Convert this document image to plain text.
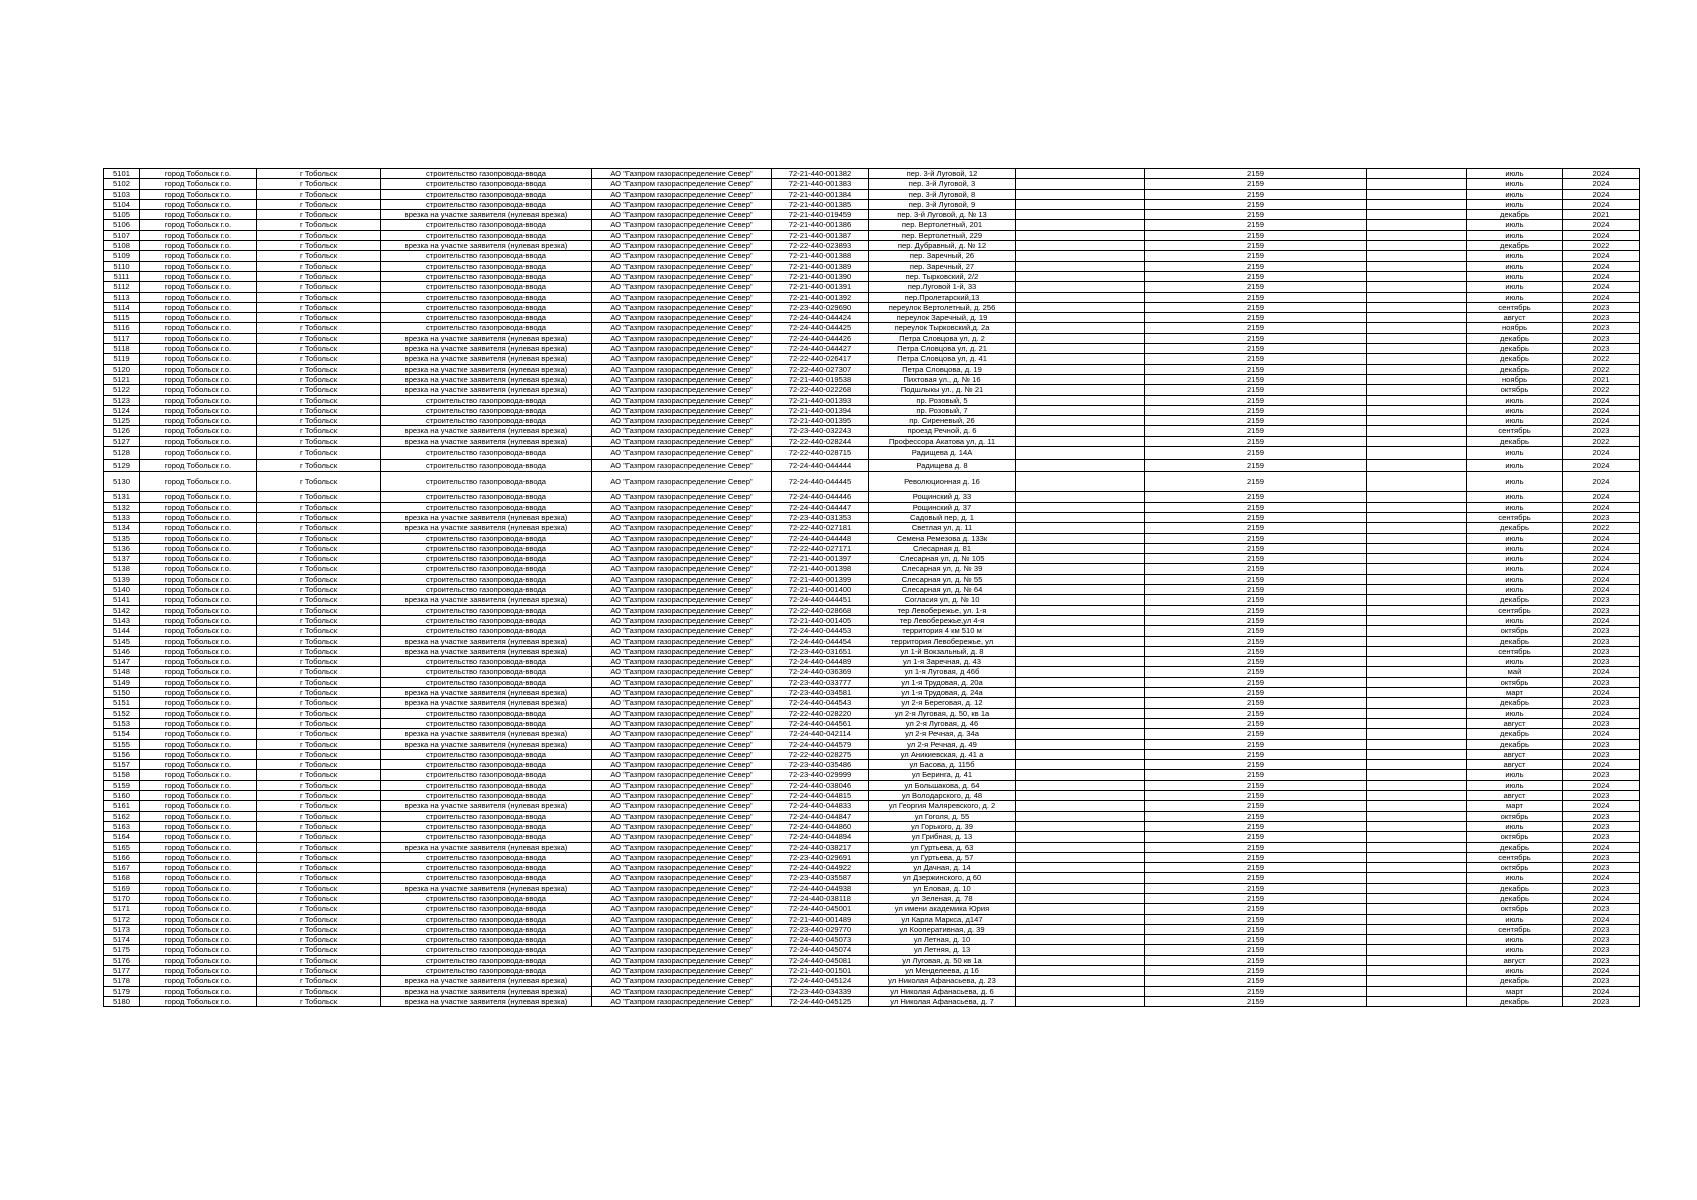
5101	город Тобольск г.о.	г Тобольск	строительство газопровода-ввода	АО "Газпром газораспределение Север"	72-21-440-001382	пер. 3-й Луговой, 12		2159		июль	2024
5102	город Тобольск г.о.	г Тобольск	строительство газопровода-ввода	АО "Газпром газораспределение Север"	72-21-440-001383	пер. 3-й Луговой, 3		2159		июль	2024
5103	город Тобольск г.о.	г Тобольск	строительство газопровода-ввода	АО "Газпром газораспределение Север"	72-21-440-001384	пер. 3-й Луговой, 8		2159		июль	2024
5104	город Тобольск г.о.	г Тобольск	строительство газопровода-ввода	АО "Газпром газораспределение Север"	72-21-440-001385	пер. 3-й Луговой, 9		2159		июль	2024
5105	город Тобольск г.о.	г Тобольск	врезка на участке заявителя (нулевая врезка)	АО "Газпром газораспределение Север"	72-21-440-019459	пер. 3-й Луговой, д. № 13		2159		декабрь	2021
5106	город Тобольск г.о.	г Тобольск	строительство газопровода-ввода	АО "Газпром газораспределение Север"	72-21-440-001386	пер. Вертолетный, 201		2159		июль	2024
5107	город Тобольск г.о.	г Тобольск	строительство газопровода-ввода	АО "Газпром газораспределение Север"	72-21-440-001387	пер. Вертолетный, 229		2159		июль	2024
5108	город Тобольск г.о.	г Тобольск	врезка на участке заявителя (нулевая врезка)	АО "Газпром газораспределение Север"	72-22-440-023893	пер. Дубравный, д. № 12		2159		декабрь	2022
5109	город Тобольск г.о.	г Тобольск	строительство газопровода-ввода	АО "Газпром газораспределение Север"	72-21-440-001388	пер. Заречный, 26		2159		июль	2024
5110	город Тобольск г.о.	г Тобольск	строительство газопровода-ввода	АО "Газпром газораспределение Север"	72-21-440-001389	пер. Заречный, 27		2159		июль	2024
5111	город Тобольск г.о.	г Тобольск	строительство газопровода-ввода	АО "Газпром газораспределение Север"	72-21-440-001390	пер. Тырковский, 2/2		2159		июль	2024
5112	город Тобольск г.о.	г Тобольск	строительство газопровода-ввода	АО "Газпром газораспределение Север"	72-21-440-001391	пер.Луговой 1-й, 33		2159		июль	2024
5113	город Тобольск г.о.	г Тобольск	строительство газопровода-ввода	АО "Газпром газораспределение Север"	72-21-440-001392	пер.Пролетарский,13		2159		июль	2024
5114	город Тобольск г.о.	г Тобольск	строительство газопровода-ввода	АО "Газпром газораспределение Север"	72-23-440-029690	переулок Вертолетный, д. 256		2159		сентябрь	2023
5115	город Тобольск г.о.	г Тобольск	строительство газопровода-ввода	АО "Газпром газораспределение Север"	72-24-440-044424	переулок Заречный, д. 19		2159		август	2023
5116	город Тобольск г.о.	г Тобольск	строительство газопровода-ввода	АО "Газпром газораспределение Север"	72-24-440-044425	переулок Тырковский,д. 2а		2159		ноябрь	2023
5117	город Тобольск г.о.	г Тобольск	врезка на участке заявителя (нулевая врезка)	АО "Газпром газораспределение Север"	72-24-440-044426	Петра Словцова ул, д. 2		2159		декабрь	2023
5118	город Тобольск г.о.	г Тобольск	врезка на участке заявителя (нулевая врезка)	АО "Газпром газораспределение Север"	72-24-440-044427	Петра Словцова ул, д. 21		2159		декабрь	2023
5119	город Тобольск г.о.	г Тобольск	врезка на участке заявителя (нулевая врезка)	АО "Газпром газораспределение Север"	72-22-440-026417	Петра Словцова ул, д. 41		2159		декабрь	2022
5120	город Тобольск г.о.	г Тобольск	врезка на участке заявителя (нулевая врезка)	АО "Газпром газораспределение Север"	72-22-440-027307	Петра Словцова, д. 19		2159		декабрь	2022
5121	город Тобольск г.о.	г Тобольск	врезка на участке заявителя (нулевая врезка)	АО "Газпром газораспределение Север"	72-21-440-019538	Пихтовая ул., д. № 16		2159		ноябрь	2021
5122	город Тобольск г.о.	г Тобольск	врезка на участке заявителя (нулевая врезка)	АО "Газпром газораспределение Север"	72-22-440-022268	Подшлыкы ул., д. № 21		2159		октябрь	2022
5123	город Тобольск г.о.	г Тобольск	строительство газопровода-ввода	АО "Газпром газораспределение Север"	72-21-440-001393	пр. Розовый, 5		2159		июль	2024
5124	город Тобольск г.о.	г Тобольск	строительство газопровода-ввода	АО "Газпром газораспределение Север"	72-21-440-001394	пр. Розовый, 7		2159		июль	2024
5125	город Тобольск г.о.	г Тобольск	строительство газопровода-ввода	АО "Газпром газораспределение Север"	72-21-440-001395	пр. Сиреневый, 26		2159		июль	2024
5126	город Тобольск г.о.	г Тобольск	врезка на участке заявителя (нулевая врезка)	АО "Газпром газораспределение Север"	72-23-440-032243	проезд Речной, д. 6		2159		сентябрь	2023
5127	город Тобольск г.о.	г Тобольск	врезка на участке заявителя (нулевая врезка)	АО "Газпром газораспределение Север"	72-22-440-028244	Профессора Акатова ул, д. 11		2159		декабрь	2022
5128	город Тобольск г.о.	г Тобольск	строительство газопровода-ввода	АО "Газпром газораспределение Север"	72-22-440-028715	Радищева д. 14А		2159		июль	2024
5129	город Тобольск г.о.	г Тобольск	строительство газопровода-ввода	АО "Газпром газораспределение Север"	72-24-440-044444	Радищева д. 8		2159		июль	2024
5130	город Тобольск г.о.	г Тобольск	строительство газопровода-ввода	АО "Газпром газораспределение Север"	72-24-440-044445	Революционная д. 16		2159		июль	2024
5131	город Тобольск г.о.	г Тобольск	строительство газопровода-ввода	АО "Газпром газораспределение Север"	72-24-440-044446	Рощинский д. 33		2159		июль	2024
5132	город Тобольск г.о.	г Тобольск	строительство газопровода-ввода	АО "Газпром газораспределение Север"	72-24-440-044447	Рощинский д. 37		2159		июль	2024
5133	город Тобольск г.о.	г Тобольск	врезка на участке заявителя (нулевая врезка)	АО "Газпром газораспределение Север"	72-23-440-031353	Садовый пер, д. 1		2159		сентябрь	2023
5134	город Тобольск г.о.	г Тобольск	врезка на участке заявителя (нулевая врезка)	АО "Газпром газораспределение Север"	72-22-440-027181	Светлая ул, д. 11		2159		декабрь	2022
5135	город Тобольск г.о.	г Тобольск	строительство газопровода-ввода	АО "Газпром газораспределение Север"	72-24-440-044448	Семена Ремезова д. 133к		2159		июль	2024
5136	город Тобольск г.о.	г Тобольск	строительство газопровода-ввода	АО "Газпром газораспределение Север"	72-22-440-027171	Слесарная д. 81		2159		июль	2024
5137	город Тобольск г.о.	г Тобольск	строительство газопровода-ввода	АО "Газпром газораспределение Север"	72-21-440-001397	Слесарная ул, д. № 105		2159		июль	2024
5138	город Тобольск г.о.	г Тобольск	строительство газопровода-ввода	АО "Газпром газораспределение Север"	72-21-440-001398	Слесарная ул, д. № 39		2159		июль	2024
5139	город Тобольск г.о.	г Тобольск	строительство газопровода-ввода	АО "Газпром газораспределение Север"	72-21-440-001399	Слесарная ул, д. № 55		2159		июль	2024
5140	город Тобольск г.о.	г Тобольск	строительство газопровода-ввода	АО "Газпром газораспределение Север"	72-21-440-001400	Слесарная ул, д. № 64		2159		июль	2024
5141	город Тобольск г.о.	г Тобольск	врезка на участке заявителя (нулевая врезка)	АО "Газпром газораспределение Север"	72-24-440-044451	Согласия ул, д. № 10		2159		декабрь	2023
5142	город Тобольск г.о.	г Тобольск	строительство газопровода-ввода	АО "Газпром газораспределение Север"	72-22-440-028668	тер Левобережье, ул. 1-я		2159		сентябрь	2023
5143	город Тобольск г.о.	г Тобольск	строительство газопровода-ввода	АО "Газпром газораспределение Север"	72-21-440-001405	тер Левобережье,ул 4-я		2159		июль	2024
5144	город Тобольск г.о.	г Тобольск	строительство газопровода-ввода	АО "Газпром газораспределение Север"	72-24-440-044453	территория 4 км 510 м		2159		октябрь	2023
5145	город Тобольск г.о.	г Тобольск	врезка на участке заявителя (нулевая врезка)	АО "Газпром газораспределение Север"	72-24-440-044454	территория Левобережье, ул		2159		декабрь	2023
5146	город Тобольск г.о.	г Тобольск	врезка на участке заявителя (нулевая врезка)	АО "Газпром газораспределение Север"	72-23-440-031651	ул 1-й Вокзальный, д. 8		2159		сентябрь	2023
5147	город Тобольск г.о.	г Тобольск	строительство газопровода-ввода	АО "Газпром газораспределение Север"	72-24-440-044489	ул 1-я Заречная, д. 43		2159		июль	2023
5148	город Тобольск г.о.	г Тобольск	строительство газопровода-ввода	АО "Газпром газораспределение Север"	72-24-440-036369	ул 1-я Луговая, д 46б		2159		май	2024
5149	город Тобольск г.о.	г Тобольск	строительство газопровода-ввода	АО "Газпром газораспределение Север"	72-23-440-033777	ул 1-я Трудовая, д. 20а		2159		октябрь	2023
5150	город Тобольск г.о.	г Тобольск	врезка на участке заявителя (нулевая врезка)	АО "Газпром газораспределение Север"	72-23-440-034581	ул 1-я Трудовая, д. 24а		2159		март	2024
5151	город Тобольск г.о.	г Тобольск	врезка на участке заявителя (нулевая врезка)	АО "Газпром газораспределение Север"	72-24-440-044543	ул 2-я Береговая, д. 12		2159		декабрь	2023
5152	город Тобольск г.о.	г Тобольск	строительство газопровода-ввода	АО "Газпром газораспределение Север"	72-22-440-028220	ул 2-я Луговая, д. 50, кв 1а		2159		июль	2024
5153	город Тобольск г.о.	г Тобольск	строительство газопровода-ввода	АО "Газпром газораспределение Север"	72-24-440-044561	ул 2-я Луговая, д. 46		2159		август	2023
5154	город Тобольск г.о.	г Тобольск	врезка на участке заявителя (нулевая врезка)	АО "Газпром газораспределение Север"	72-24-440-042114	ул 2-я Речная, д. 34а		2159		декабрь	2024
5155	город Тобольск г.о.	г Тобольск	врезка на участке заявителя (нулевая врезка)	АО "Газпром газораспределение Север"	72-24-440-044579	ул 2-я Речная, д. 49		2159		декабрь	2023
5156	город Тобольск г.о.	г Тобольск	строительство газопровода-ввода	АО "Газпром газораспределение Север"	72-22-440-028275	ул Аникиевская, д. 41 а		2159		август	2023
5157	город Тобольск г.о.	г Тобольск	строительство газопровода-ввода	АО "Газпром газораспределение Север"	72-23-440-035486	ул Басова, д. 115б		2159		август	2024
5158	город Тобольск г.о.	г Тобольск	строительство газопровода-ввода	АО "Газпром газораспределение Север"	72-23-440-029999	ул Беринга, д. 41		2159		июль	2023
5159	город Тобольск г.о.	г Тобольск	строительство газопровода-ввода	АО "Газпром газораспределение Север"	72-24-440-038046	ул Большакова, д. 64		2159		июль	2024
5160	город Тобольск г.о.	г Тобольск	строительство газопровода-ввода	АО "Газпром газораспределение Север"	72-24-440-044815	ул Володарского, д. 48		2159		август	2023
5161	город Тобольск г.о.	г Тобольск	врезка на участке заявителя (нулевая врезка)	АО "Газпром газораспределение Север"	72-24-440-044833	ул Георгия Маляревского, д. 2		2159		март	2024
5162	город Тобольск г.о.	г Тобольск	строительство газопровода-ввода	АО "Газпром газораспределение Север"	72-24-440-044847	ул Гоголя, д. 55		2159		октябрь	2023
5163	город Тобольск г.о.	г Тобольск	строительство газопровода-ввода	АО "Газпром газораспределение Север"	72-24-440-044860	ул Горького, д. 39		2159		июль	2023
5164	город Тобольск г.о.	г Тобольск	строительство газопровода-ввода	АО "Газпром газораспределение Север"	72-24-440-044894	ул Грибная, д. 13		2159		октябрь	2023
5165	город Тобольск г.о.	г Тобольск	врезка на участке заявителя (нулевая врезка)	АО "Газпром газораспределение Север"	72-24-440-038217	ул Гуртьева, д. 63		2159		декабрь	2024
5166	город Тобольск г.о.	г Тобольск	строительство газопровода-ввода	АО "Газпром газораспределение Север"	72-23-440-029691	ул Гуртьева, д. 57		2159		сентябрь	2023
5167	город Тобольск г.о.	г Тобольск	строительство газопровода-ввода	АО "Газпром газораспределение Север"	72-24-440-044922	ул Дачная, д. 14		2159		октябрь	2023
5168	город Тобольск г.о.	г Тобольск	строительство газопровода-ввода	АО "Газпром газораспределение Север"	72-23-440-035587	ул Дзержинского, д 60		2159		июль	2024
5169	город Тобольск г.о.	г Тобольск	врезка на участке заявителя (нулевая врезка)	АО "Газпром газораспределение Север"	72-24-440-044938	ул Еловая, д. 10		2159		декабрь	2023
5170	город Тобольск г.о.	г Тобольск	строительство газопровода-ввода	АО "Газпром газораспределение Север"	72-24-440-038118	ул Зеленая, д. 78		2159		декабрь	2024
5171	город Тобольск г.о.	г Тобольск	строительство газопровода-ввода	АО "Газпром газораспределение Север"	72-24-440-045001	ул имени академика Юрия		2159		октябрь	2023
5172	город Тобольск г.о.	г Тобольск	строительство газопровода-ввода	АО "Газпром газораспределение Север"	72-21-440-001489	ул Карла Маркса, д147		2159		июль	2024
5173	город Тобольск г.о.	г Тобольск	строительство газопровода-ввода	АО "Газпром газораспределение Север"	72-23-440-029770	ул Кооперативная, д. 39		2159		сентябрь	2023
5174	город Тобольск г.о.	г Тобольск	строительство газопровода-ввода	АО "Газпром газораспределение Север"	72-24-440-045073	ул Летная, д. 10		2159		июль	2023
5175	город Тобольск г.о.	г Тобольск	строительство газопровода-ввода	АО "Газпром газораспределение Север"	72-24-440-045074	ул Летняя, д. 13		2159		июль	2023
5176	город Тобольск г.о.	г Тобольск	строительство газопровода-ввода	АО "Газпром газораспределение Север"	72-24-440-045081	ул Луговая, д. 50 кв 1а		2159		август	2023
5177	город Тобольск г.о.	г Тобольск	строительство газопровода-ввода	АО "Газпром газораспределение Север"	72-21-440-001501	ул Менделеева, д 16		2159		июль	2024
5178	город Тобольск г.о.	г Тобольск	врезка на участке заявителя (нулевая врезка)	АО "Газпром газораспределение Север"	72-24-440-045124	ул Николая Афанасьева, д. 23		2159		декабрь	2023
5179	город Тобольск г.о.	г Тобольск	врезка на участке заявителя (нулевая врезка)	АО "Газпром газораспределение Север"	72-23-440-034339	ул Николая Афанасьева, д. 6		2159		март	2024
5180	город Тобольск г.о.	г Тобольск	врезка на участке заявителя (нулевая врезка)	АО "Газпром газораспределение Север"	72-24-440-045125	ул Николая Афанасьева, д. 7		2159		декабрь	2023
